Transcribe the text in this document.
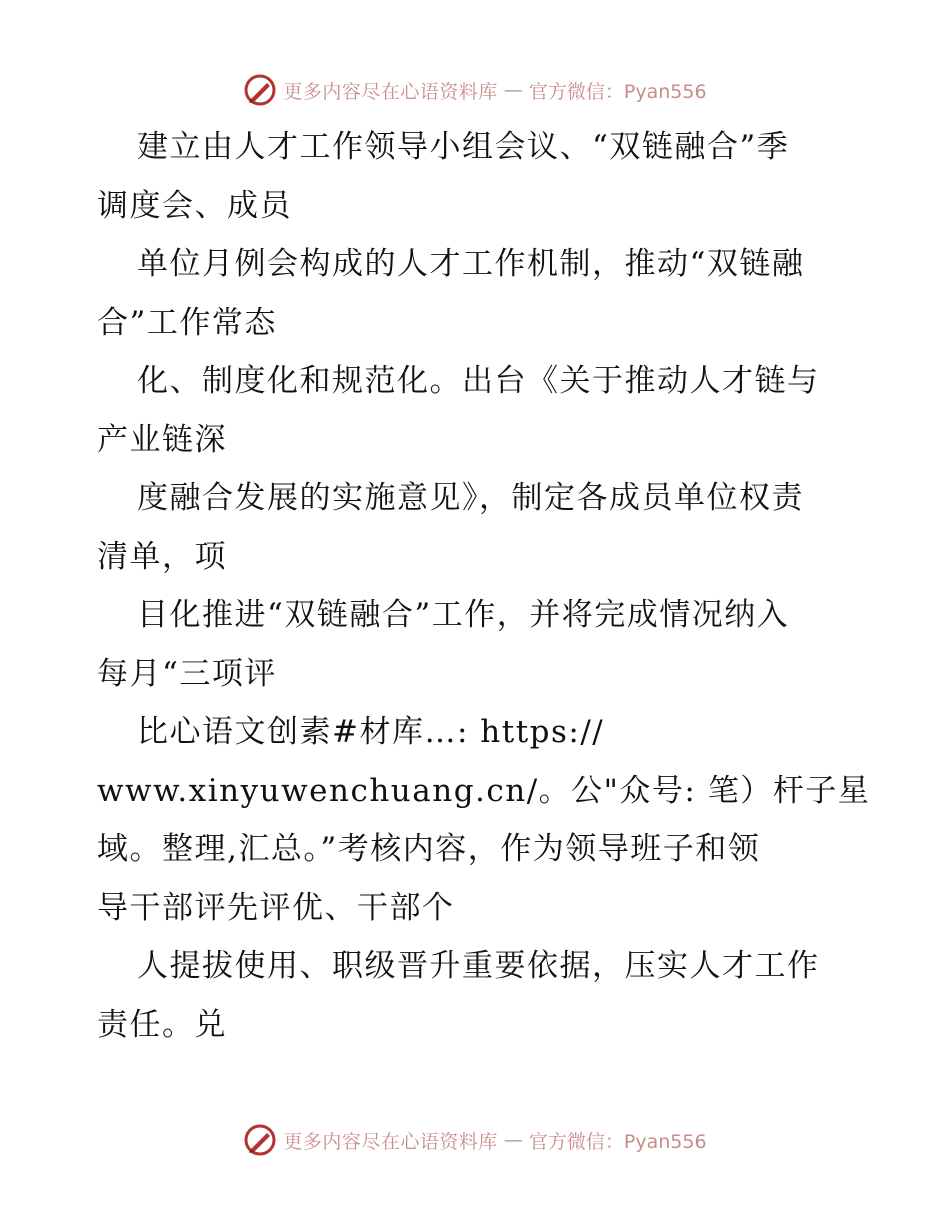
更多内容尽在心语资料库 — 官方微信：Pyan556
建立由人才工作领导小组会议、“双链融合”季
调度会、成员
单位月例会构成的人才工作机制，推动“双链融
合”工作常态
化、制度化和规范化。出台《关于推动人才链与
产业链深
度融合发展的实施意见》，制定各成员单位权责
清单，项
目化推进“双链融合”工作，并将完成情况纳入
每月“三项评
比心语文创素#材库…: https://
www.xinyuwenchuang.cn/。公"众号: 笔）杆子星
域。整理,汇总。”考核内容，作为领导班子和领
导干部评先评优、干部个
人提拔使用、职级晋升重要依据，压实人才工作
责任。兑
更多内容尽在心语资料库 — 官方微信：Pyan556
